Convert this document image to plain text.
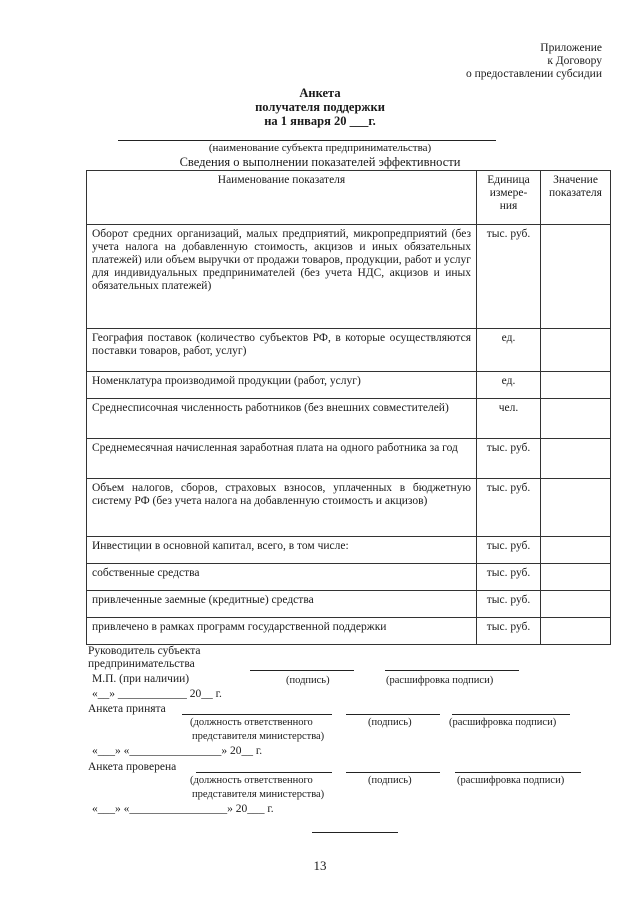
Приложение
к Договору
о предоставлении субсидии
Анкета
получателя поддержки
на 1 января 20 ___г.
(наименование субъекта предпринимательства)
Сведения о выполнении показателей эффективности
Наименование показателя	Единица измере-ния	Значение показателя
Оборот средних организаций, малых предприятий, микропредприятий (без учета налога на добавленную стоимость, акцизов и иных обязательных платежей) или объем выручки от продажи товаров, продукции, работ и услуг для индивидуальных предпринимателей (без учета НДС, акцизов и иных обязательных платежей)	тыс. руб.	
География поставок (количество субъектов РФ, в которые осуществляются поставки товаров, работ, услуг)	ед.	
Номенклатура производимой продукции (работ, услуг)	ед.	
Среднесписочная численность работников (без внешних совместителей)	чел.	
Среднемесячная начисленная заработная плата на одного работника за год	тыс. руб.	
Объем налогов, сборов, страховых взносов, уплаченных в бюджетную систему РФ (без учета налога на добавленную стоимость и акцизов)	тыс. руб.	
Инвестиции в основной капитал, всего, в том числе:	тыс. руб.	
собственные средства	тыс. руб.	
привлеченные заемные (кредитные) средства	тыс. руб.	
привлечено в рамках программ государственной поддержки	тыс. руб.	
Руководитель субъекта
предпринимательства
М.П. (при наличии)	(подпись)	(расшифровка подписи)
«__» ____________ 20__ г.
Анкета принята
(должность ответственного	(подпись)	(расшифровка подписи)
представителя министерства)
«___» «________________» 20__ г.
Анкета проверена
(должность ответственного	(подпись)	(расшифровка подписи)
представителя министерства)
«___» «_________________» 20___ г.
13
